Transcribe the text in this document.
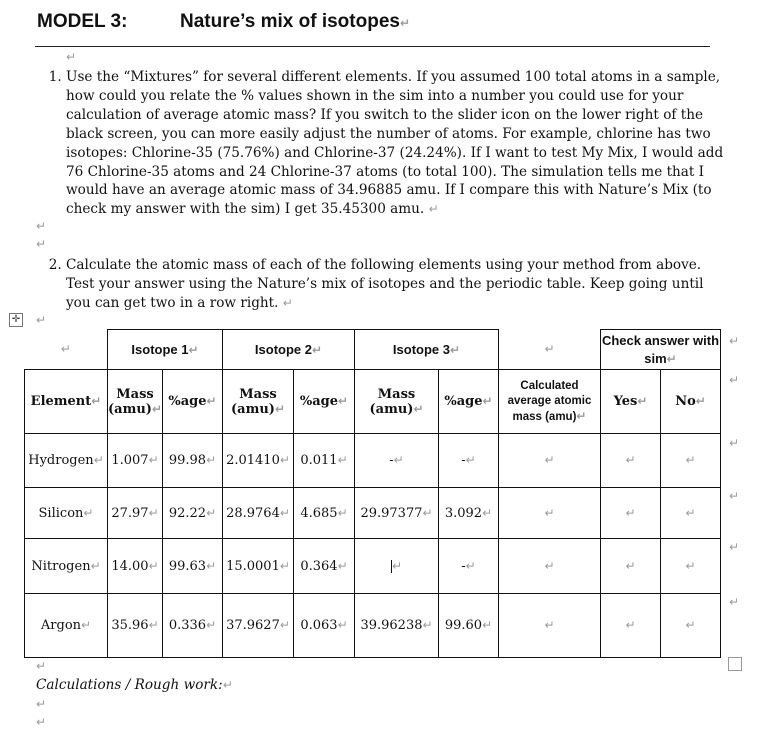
MODEL 3:	Nature’s mix of isotopes↵
↵
1. Use the “Mixtures” for several different elements. If you assumed 100 total atoms in a sample, how could you relate the % values shown in the sim into a number you could use for your calculation of average atomic mass? If you switch to the slider icon on the lower right of the black screen, you can more easily adjust the number of atoms. For example, chlorine has two isotopes: Chlorine-35 (75.76%) and Chlorine-37 (24.24%). If I want to test My Mix, I would add 76 Chlorine-35 atoms and 24 Chlorine-37 atoms (to total 100). The simulation tells me that I would have an average atomic mass of 34.96885 amu. If I compare this with Nature’s Mix (to check my answer with the sim) I get 35.45300 amu. ↵
↵
↵
2. Calculate the atomic mass of each of the following elements using your method from above. Test your answer using the Nature’s mix of isotopes and the periodic table. Keep going until you can get two in a row right. ↵
✛ ↵
↵	Isotope 1↵		Isotope 2↵		Isotope 3↵		↵	Check answer with sim↵	
Element↵	Mass (amu)↵	%age↵	Mass (amu)↵	%age↵	Mass (amu)↵	%age↵	Calculated average atomic mass (amu)↵	Yes↵	No↵
Hydrogen↵	1.007↵	99.98↵	2.01410↵	0.011↵	-↵	-↵	↵	↵	↵
Silicon↵	27.97↵	92.22↵	28.9764↵	4.685↵	29.97377↵	3.092↵	↵	↵	↵
Nitrogen↵	14.00↵	99.63↵	15.0001↵	0.364↵	↵	-↵	↵	↵	↵
Argon↵	35.96↵	0.336↵	37.9627↵	0.063↵	39.96238↵	99.60↵	↵	↵	↵
↵
↵
↵
↵
↵
↵
↵
Calculations / Rough work:↵
↵
↵
